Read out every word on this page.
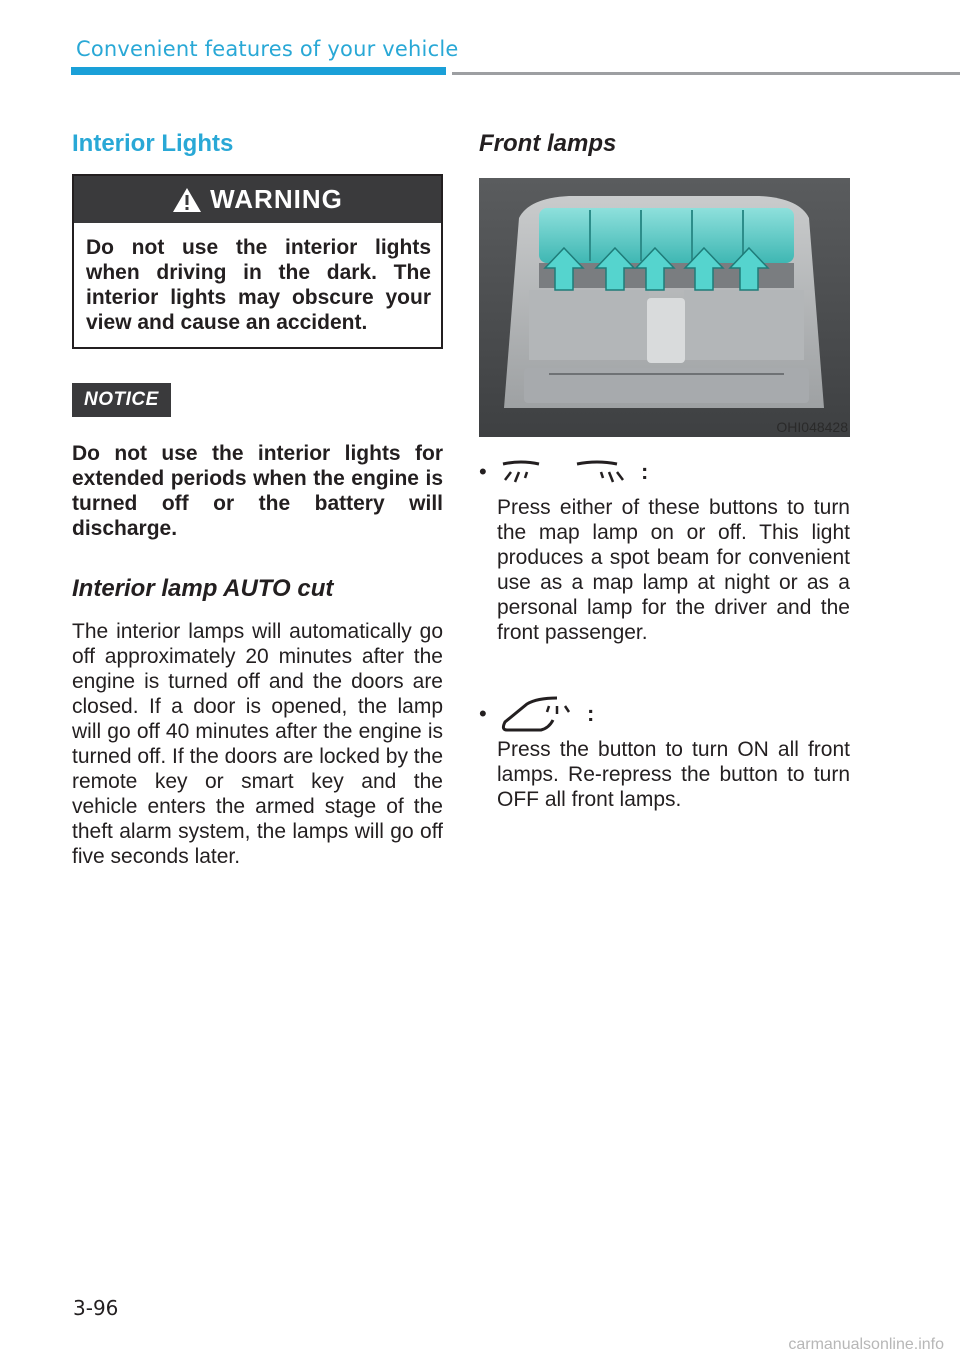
Convenient features of your vehicle
Interior Lights
WARNING
Do not use the interior lights when driving in the dark. The interior lights may obscure your view and cause an accident.
NOTICE
Do not use the interior lights for extended periods when the engine is turned off or the battery will discharge.
Interior lamp AUTO cut
The interior lamps will automatically go off approximately 20 minutes after the engine is turned off and the doors are closed. If a door is opened, the lamp will go off 40 minutes after the engine is turned off. If the doors are locked by the remote key or smart key and the vehicle enters the armed stage of the theft alarm system, the lamps will go off five seconds later.
Front lamps
OHI048428
•	:
Press either of these buttons to turn the map lamp on or off. This light produces a spot beam for convenient use as a map lamp at night or as a personal lamp for the driver and the front passenger.
•	:
Press the button to turn ON all front lamps. Re-repress the button to turn OFF all front lamps.
3-96
carmanualsonline.info
